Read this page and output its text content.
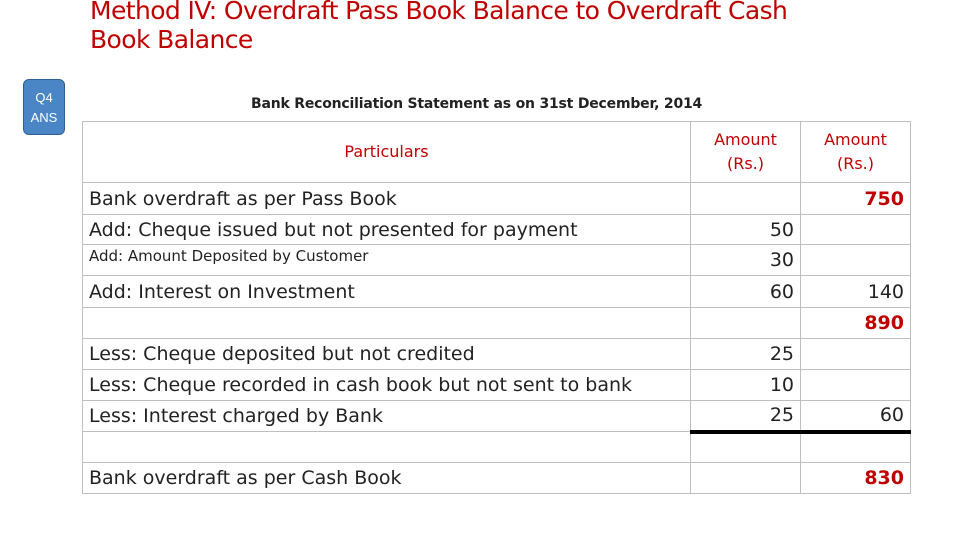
Method IV: Overdraft Pass Book Balance to Overdraft Cash Book Balance
Q4
ANS
Bank Reconciliation Statement as on 31st December, 2014
Particulars	Amount (Rs.)	Amount (Rs.)
Bank overdraft as per Pass Book		750
Add: Cheque issued but not presented for payment	50	
Add: Amount Deposited by Customer	30	
Add: Interest on Investment	60	140
		890
Less: Cheque deposited but not credited	25	
Less: Cheque recorded in cash book but not sent to bank	10	
Less: Interest charged by Bank	25	60

Bank overdraft as per Cash Book		830
